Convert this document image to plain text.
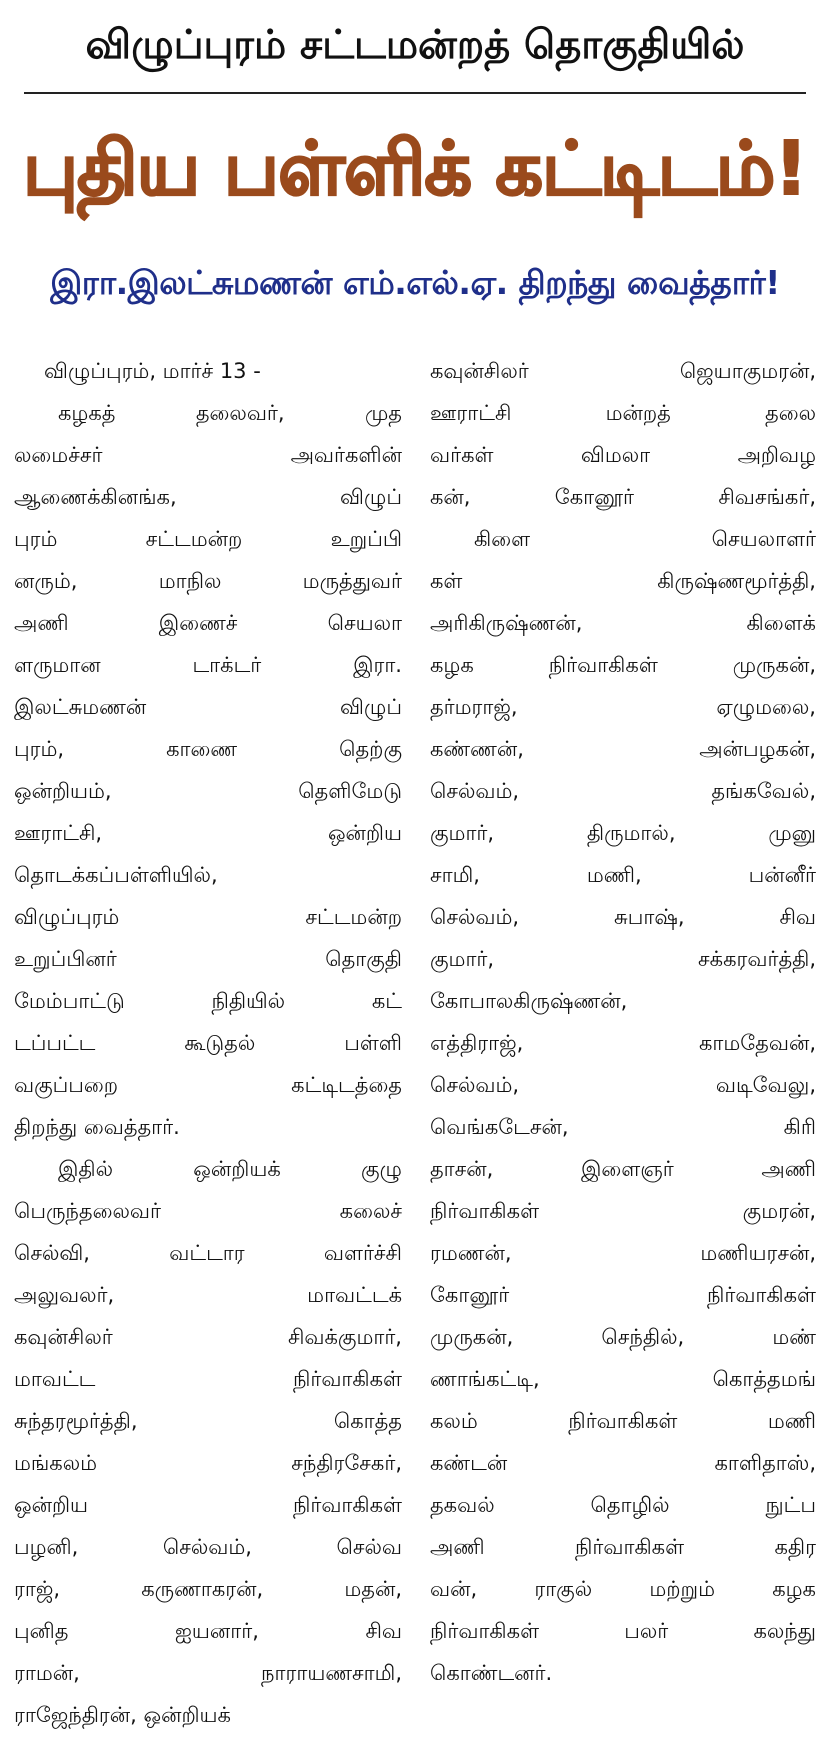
விழுப்புரம் சட்டமன்றத் தொகுதியில்
புதிய பள்ளிக் கட்டிடம்!
இரா.இலட்சுமணன் எம்.எல்.ஏ. திறந்து வைத்தார்!
விழுப்புரம், மார்ச் 13 -
கழகத் தலைவர், முத
லமைச்சர் அவர்களின்
ஆணைக்கினங்க, விழுப்
புரம் சட்டமன்ற உறுப்பி
னரும், மாநில மருத்துவர்
அணி இணைச் செயலா
ளருமான டாக்டர் இரா.
இலட்சுமணன் விழுப்
புரம், காணை தெற்கு
ஒன்றியம், தெளிமேடு
ஊராட்சி, ஒன்றிய
தொடக்கப்பள்ளியில்,
விழுப்புரம் சட்டமன்ற
உறுப்பினர் தொகுதி
மேம்பாட்டு நிதியில் கட்
டப்பட்ட கூடுதல் பள்ளி
வகுப்பறை கட்டிடத்தை
திறந்து வைத்தார்.
இதில் ஒன்றியக் குழு
பெருந்தலைவர் கலைச்
செல்வி, வட்டார வளர்ச்சி
அலுவலர், மாவட்டக்
கவுன்சிலர் சிவக்குமார்,
மாவட்ட நிர்வாகிகள்
சுந்தரமூர்த்தி, கொத்த
மங்கலம் சந்திரசேகர்,
ஒன்றிய நிர்வாகிகள்
பழனி, செல்வம், செல்வ
ராஜ், கருணாகரன், மதன்,
புனித ஐயனார், சிவ
ராமன், நாராயணசாமி,
ராஜேந்திரன், ஒன்றியக்
கவுன்சிலர் ஜெயாகுமரன்,
ஊராட்சி மன்றத் தலை
வர்கள் விமலா அறிவழ
கன், கோனூர் சிவசங்கர்,
கிளை செயலாளர்
கள் கிருஷ்ணமூர்த்தி,
அரிகிருஷ்ணன், கிளைக்
கழக நிர்வாகிகள் முருகன்,
தர்மராஜ், ஏழுமலை,
கண்ணன், அன்பழகன்,
செல்வம், தங்கவேல்,
குமார், திருமால், முனு
சாமி, மணி, பன்னீர்
செல்வம், சுபாஷ், சிவ
குமார், சக்கரவர்த்தி,
கோபாலகிருஷ்ணன்,
எத்திராஜ், காமதேவன்,
செல்வம், வடிவேலு,
வெங்கடேசன், கிரி
தாசன், இளைஞர் அணி
நிர்வாகிகள் குமரன்,
ரமணன், மணியரசன்,
கோனூர் நிர்வாகிகள்
முருகன், செந்தில், மண்
ணாங்கட்டி, கொத்தமங்
கலம் நிர்வாகிகள் மணி
கண்டன் காளிதாஸ்,
தகவல் தொழில் நுட்ப
அணி நிர்வாகிகள் கதிர
வன், ராகுல் மற்றும் கழக
நிர்வாகிகள் பலர் கலந்து
கொண்டனர்.
